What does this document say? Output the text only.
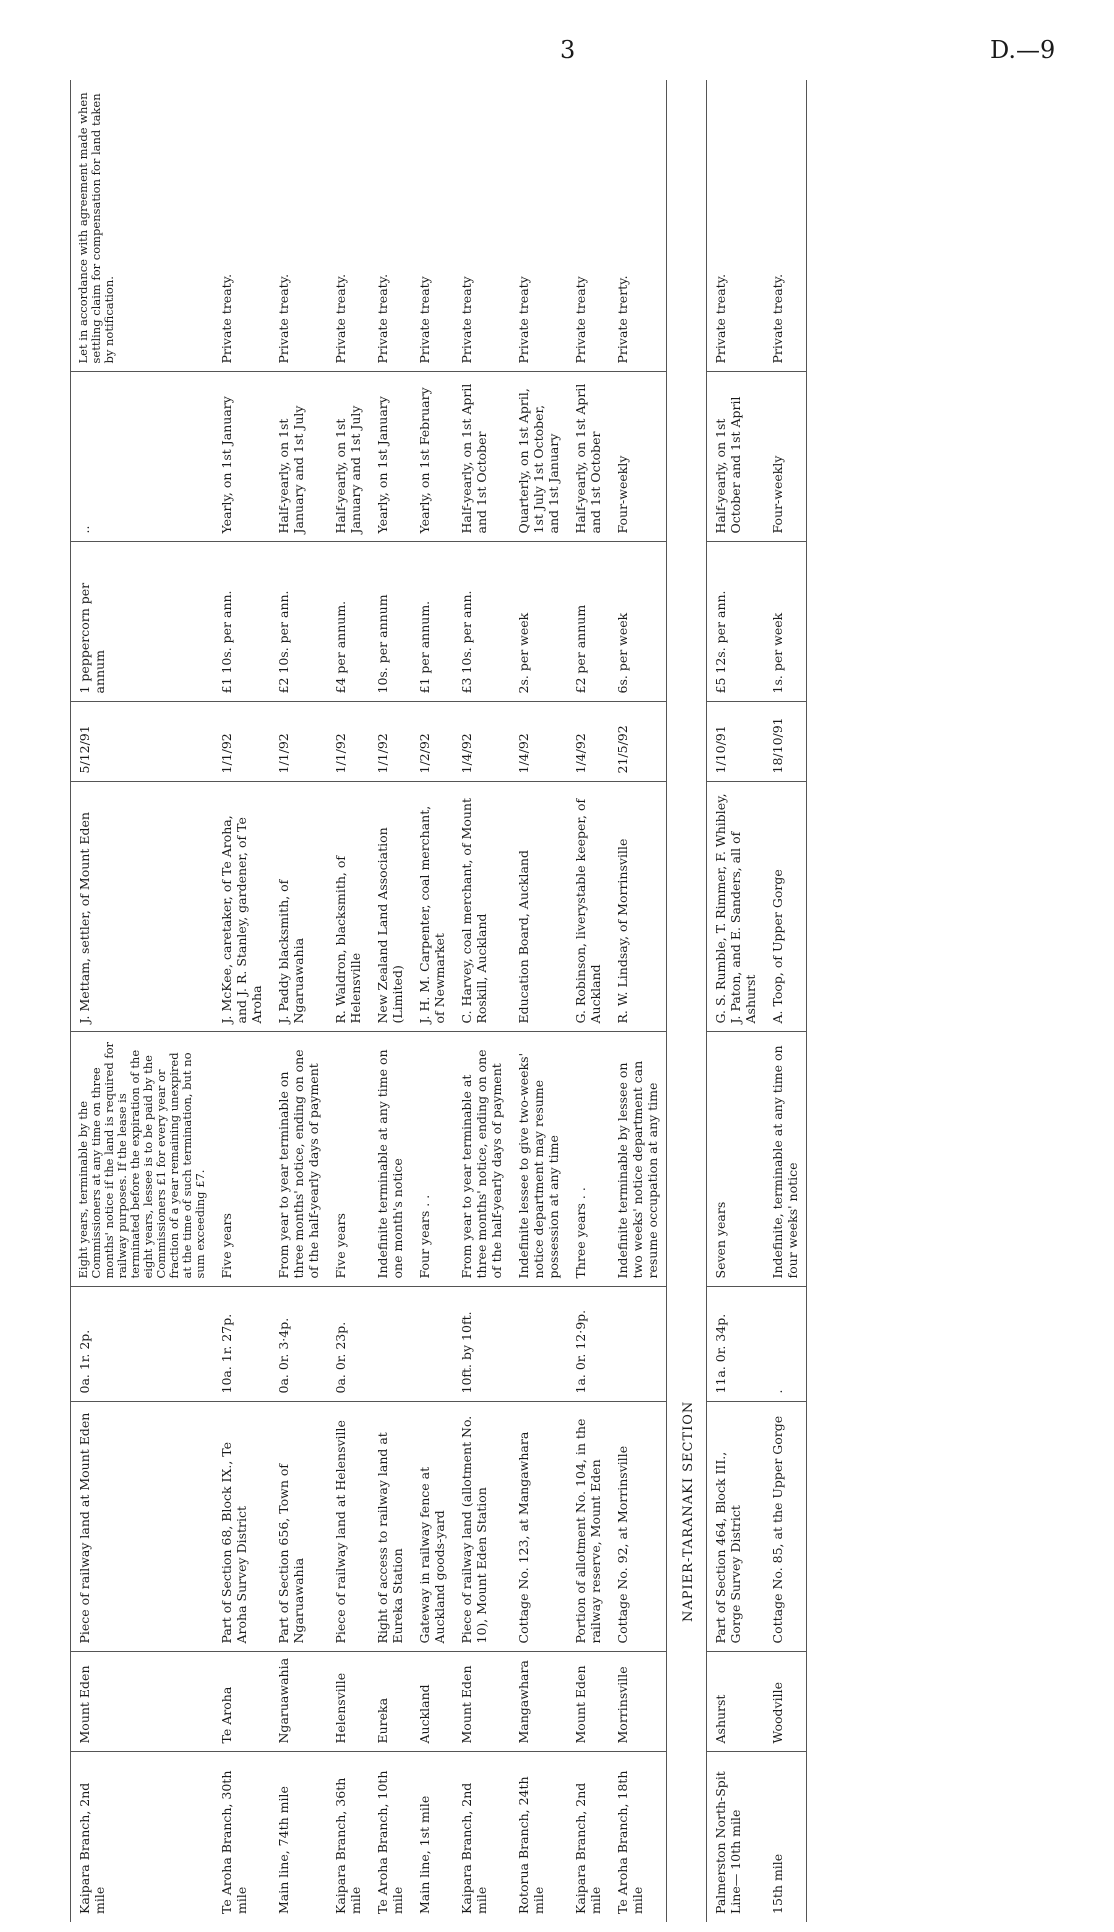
3	D.—9
Kaipara Branch, 2nd mile	Mount Eden	Piece of railway land at Mount Eden	0a. 1r. 2p.	Eight years, terminable by the Commissioners at any time on three months' notice if the land is required for railway purposes. If the lease is terminated before the expiration of the eight years, lessee is to be paid by the Commissioners £1 for every year or fraction of a year remaining unexpired at the time of such termination, but no sum exceeding £7.	J. Mettam, settler, of Mount Eden	5/12/91	1 peppercorn per annum	..	Let in accordance with agreement made when settling claim for compensation for land taken by notification.
Te Aroha Branch, 30th mile	Te Aroha	Part of Section 68, Block IX., Te Aroha Survey District	10a. 1r. 27p.	Five years	J. McKee, caretaker, of Te Aroha, and J. R. Stanley, gardener, of Te Aroha	1/1/92	£1 10s. per ann.	Yearly, on 1st January	Private treaty.
Main line, 74th mile	Ngaruawahia	Part of Section 656, Town of Ngaruawahia	0a. 0r. 3·4p.	From year to year terminable on three months' notice, ending on one of the half-yearly days of payment	J. Paddy blacksmith, of Ngaruawahia	1/1/92	£2 10s. per ann.	Half-yearly, on 1st January and 1st July	Private treaty.
Kaipara Branch, 36th mile	Helensville	Piece of railway land at Helensville	0a. 0r. 23p.	Five years	R. Waldron, blacksmith, of Helensville	1/1/92	£4 per annum.	Half-yearly, on 1st January and 1st July	Private treaty.
Te Aroha Branch, 10th mile	Eureka	Right of access to railway land at Eureka Station		Indefinite terminable at any time on one month's notice	New Zealand Land Association (Limited)	1/1/92	10s. per annum	Yearly, on 1st January	Private treaty.
Main line, 1st mile	Auckland	Gateway in railway fence at Auckland goods-yard		Four years . .	J. H. M. Carpenter, coal merchant, of Newmarket	1/2/92	£1 per annum.	Yearly, on 1st February	Private treaty
Kaipara Branch, 2nd mile	Mount Eden	Piece of railway land (allotment No. 10), Mount Eden Station	10ft. by 10ft.	From year to year terminable at three months' notice, ending on one of the half-yearly days of payment	C. Harvey, coal merchant, of Mount Roskill, Auckland	1/4/92	£3 10s. per ann.	Half-yearly, on 1st April and 1st October	Private treaty
Rotorua Branch, 24th mile	Mangawhara	Cottage No. 123, at Mangawhara		Indefinite lessee to give two-weeks' notice department may resume possession at any time	Education Board, Auckland	1/4/92	2s. per week	Quarterly, on 1st April, 1st July 1st October, and 1st January	Private treaty
Kaipara Branch, 2nd mile	Mount Eden	Portion of allotment No. 104, in the railway reserve, Mount Eden	1a. 0r. 12·9p.	Three years . .	G. Robinson, liverystable keeper, of Auckland	1/4/92	£2 per annum	Half-yearly, on 1st April and 1st October	Private treaty
Te Aroha Branch, 18th mile	Morrinsville	Cottage No. 92, at Morrinsville		Indefinite terminable by lessee on two weeks' notice department can resume occupation at any time	R. W. Lindsay, of Morrinsville	21/5/92	6s. per week	Four-weekly	Private trerty.
NAPIER-TARANAKI SECTION									
Palmerston North-Spit Line— 10th mile	Ashurst	Part of Section 464, Block III., Gorge Survey District	11a. 0r. 34p.	Seven years	G. S. Rumble, T. Rimmer, F. Whibley, J. Paton, and E. Sanders, all of Ashurst	1/10/91	£5 12s. per ann.	Half-yearly, on 1st October and 1st April	Private treaty.
15th mile	Woodville	Cottage No. 85, at the Upper Gorge	.	Indefinite, terminable at any time on four weeks' notice	A. Toop, of Upper Gorge	18/10/91	1s. per week	Four-weekly	Private treaty.
